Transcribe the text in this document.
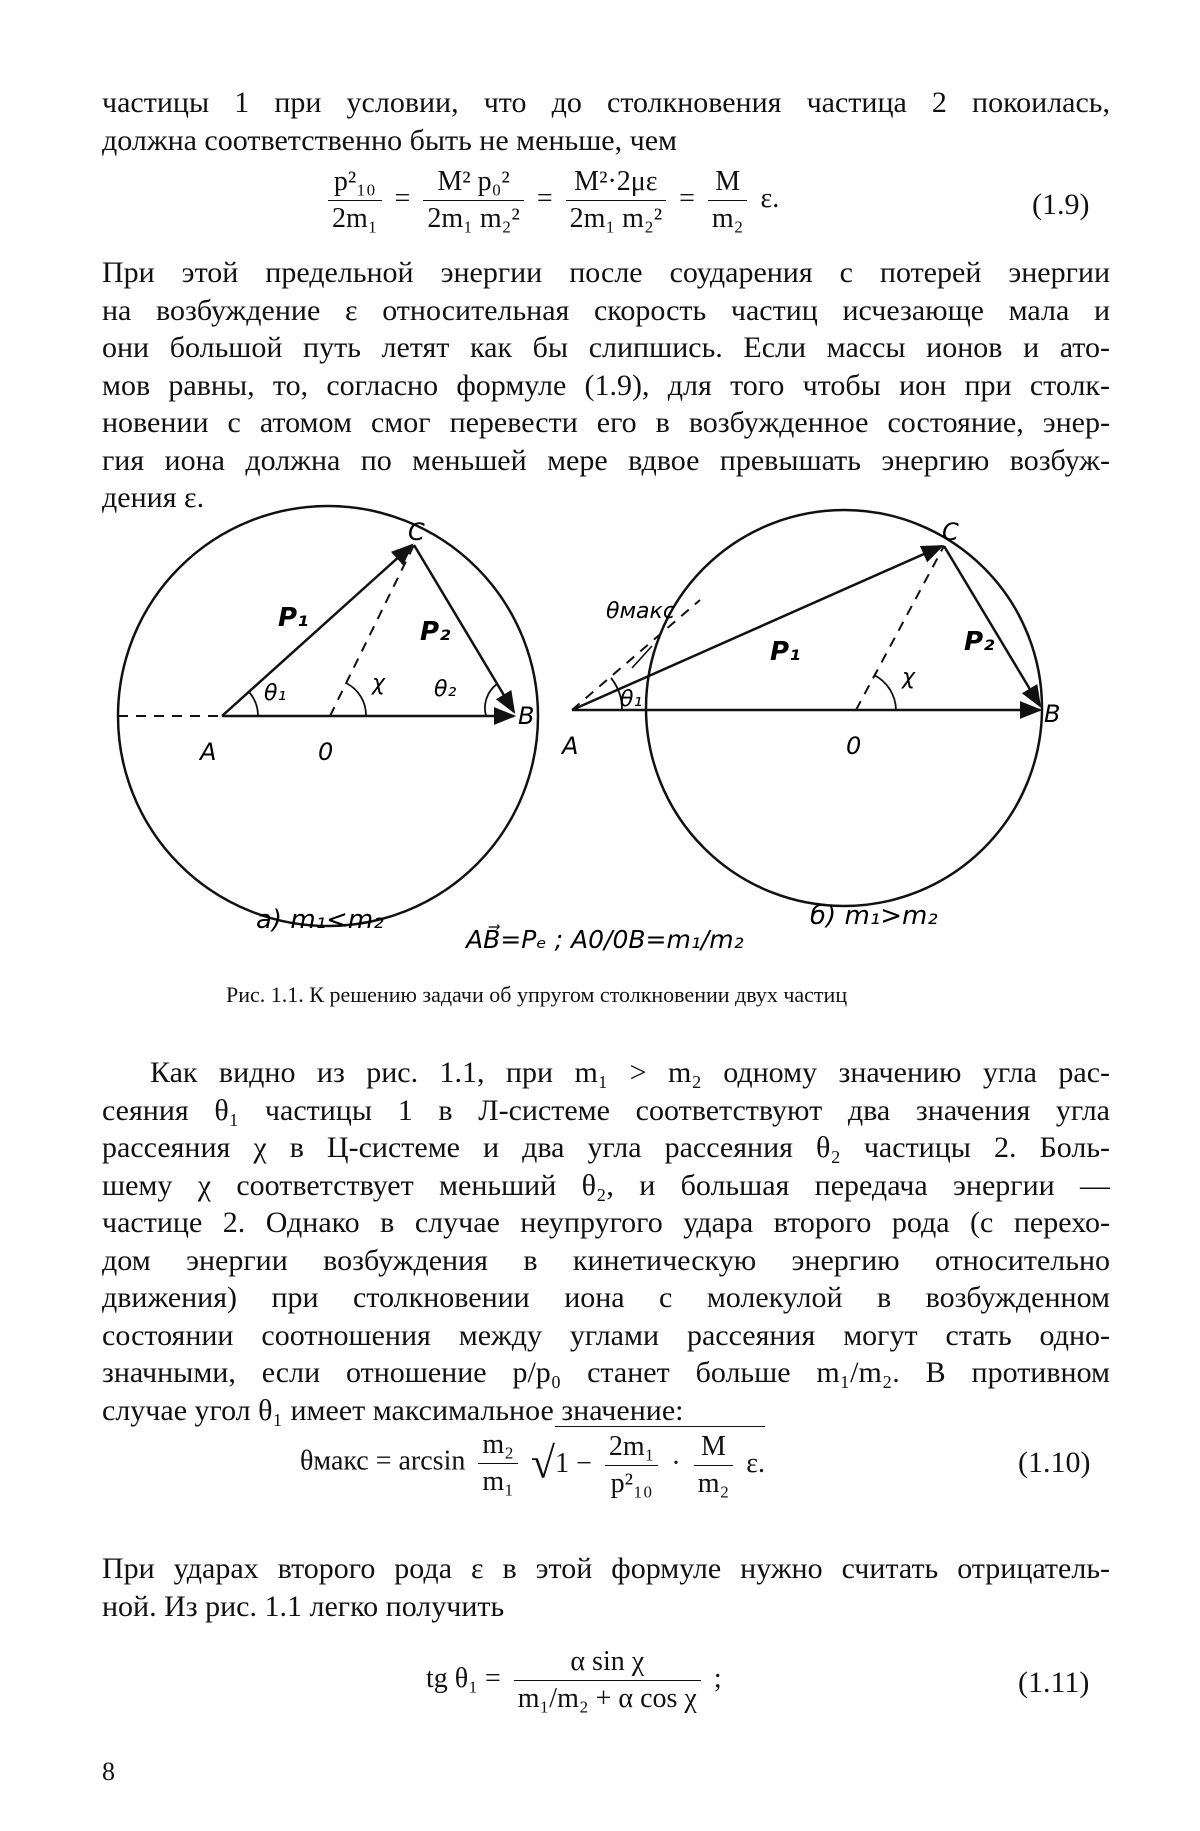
частицы 1 при условии, что до столкновения частица 2 покоилась,
должна соответственно быть не меньше, чем
$\frac{\text{p²₁₀}}{\text{2m₁}} = \frac{\text{M² p₀²}}{\text{2m₁ m₂²}} = \frac{\text{M²·2με}}{\text{2m₁ m₂²}} = \frac{M}{\text{m₂}} \varepsilon$.	(1.9)
При этой предельной энергии после соударения с потерей энергии
на возбуждение ε относительная скорость частиц исчезающе мала и
они большой путь летят как бы слипшись. Если массы ионов и ато-
мов равны, то, согласно формуле (1.9), для того чтобы ион при столк-
новении с атомом смог перевести его в возбужденное состояние, энер-
гия иона должна по меньшей мере вдвое превышать энергию возбуж-
дения ε.
A	0
B
C
P₁	P₂
θ₁	χ θ₂
A	0
B
C
P₁	P₂
θ₁
χ
θмакс
а) m₁<m₂
AB⃗=Pₑ ; A0/0B=m₁/m₂
б) m₁>m₂
Рис. 1.1. К решению задачи об упругом столкновении двух частиц
Как видно из рис. 1.1, при m₁ > m₂ одному значению угла рас-
сеяния θ₁ частицы 1 в Л-системе соответствуют два значения угла
рассеяния χ в Ц-системе и два угла рассеяния θ₂ частицы 2. Боль-
шему χ соответствует меньший θ₂, и большая передача энергии —
частице 2. Однако в случае неупругого удара второго рода (с перехо-
дом энергии возбуждения в кинетическую энергию относительно
движения) при столкновении иона с молекулой в возбужденном
состоянии соотношения между углами рассеяния могут стать одно-
значными, если отношение p/p₀ станет больше m₁/m₂. В противном
случае угол θ₁ имеет максимальное значение:
θмакс = $\arcsin \frac{\text{m₂}}{\text{m₁}} √1 - \frac{\text{2m₁}}{\text{p²₁₀}} \cdot \frac{M}{\text{m₂}} \varepsilon$.	(1.10)
При ударах второго рода ε в этой формуле нужно считать отрицатель-
ной. Из рис. 1.1 легко получить
tg $\theta_1 = \frac{\text{α sin χ}}{\text{m₁/m₂ + α cos χ}}$ ;	(1.11)
8
